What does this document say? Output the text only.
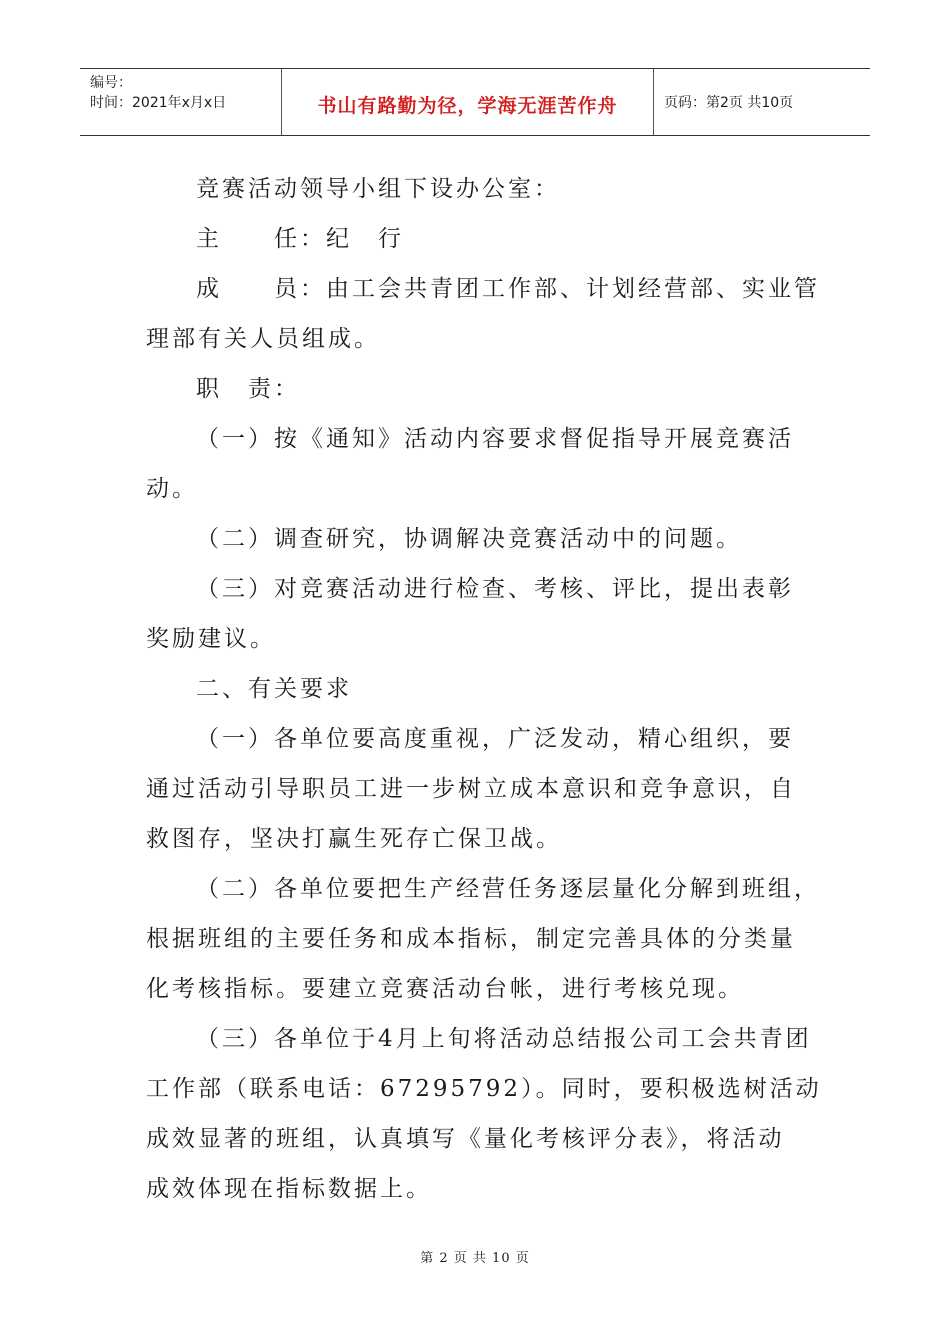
编号：
时间：2021年x月x日	书山有路勤为径，学海无涯苦作舟	页码：第2页 共10页

竞赛活动领导小组下设办公室：

主　　任：纪　行

成　　员：由工会共青团工作部、计划经营部、实业管

理部有关人员组成。

职　责：

（一）按《通知》活动内容要求督促指导开展竞赛活

动。

（二）调查研究，协调解决竞赛活动中的问题。

（三）对竞赛活动进行检查、考核、评比，提出表彰

奖励建议。

二、有关要求

（一）各单位要高度重视，广泛发动，精心组织，要

通过活动引导职员工进一步树立成本意识和竞争意识，自

救图存，坚决打赢生死存亡保卫战。

（二）各单位要把生产经营任务逐层量化分解到班组，

根据班组的主要任务和成本指标，制定完善具体的分类量

化考核指标。要建立竞赛活动台帐，进行考核兑现。

（三）各单位于4月上旬将活动总结报公司工会共青团

工作部（联系电话：67295792）。同时，要积极选树活动

成效显著的班组，认真填写《量化考核评分表》，将活动

成效体现在指标数据上。

第 2 页 共 10 页
